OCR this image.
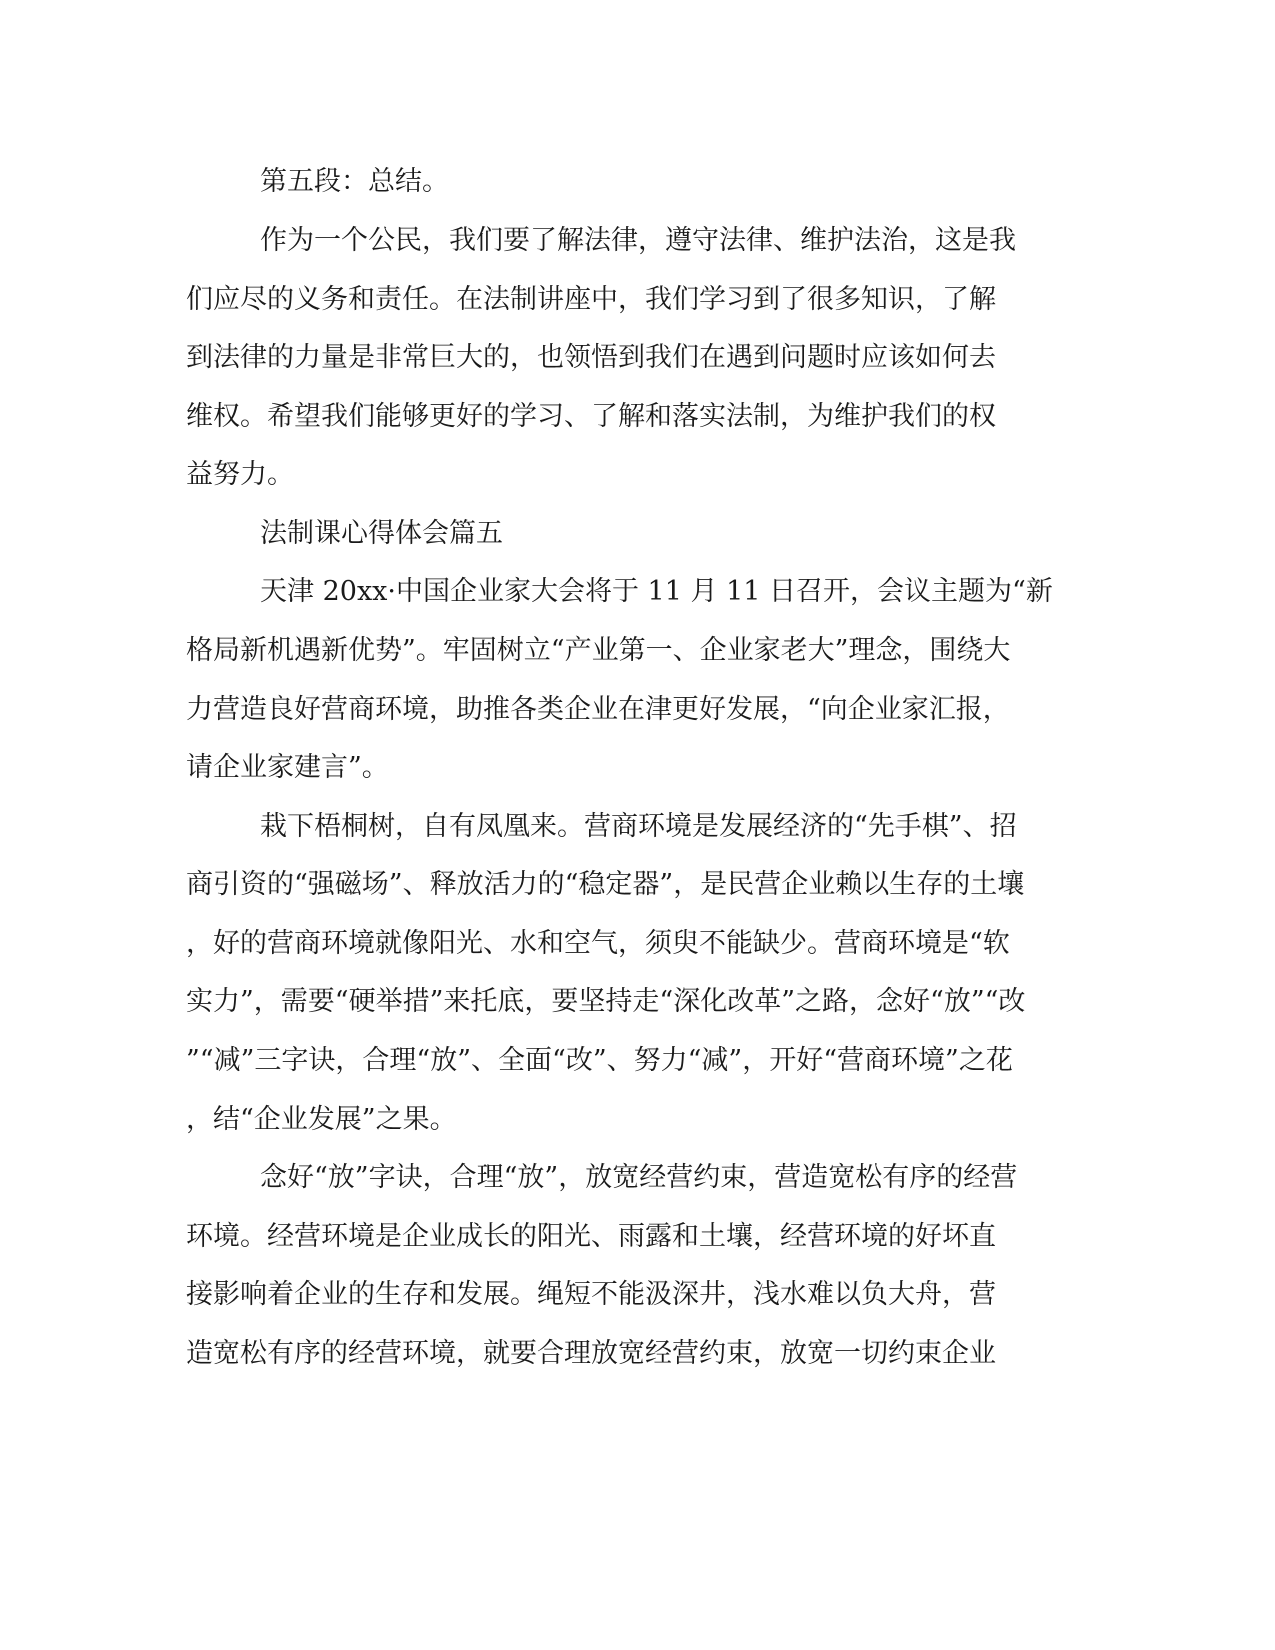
第五段：总结。

作为一个公民，我们要了解法律，遵守法律、维护法治，这是我

们应尽的义务和责任。在法制讲座中，我们学习到了很多知识，了解

到法律的力量是非常巨大的，也领悟到我们在遇到问题时应该如何去

维权。希望我们能够更好的学习、了解和落实法制，为维护我们的权

益努力。

法制课心得体会篇五

天津 20xx·中国企业家大会将于 11 月 11 日召开，会议主题为“新

格局新机遇新优势”。牢固树立“产业第一、企业家老大”理念，围绕大

力营造良好营商环境，助推各类企业在津更好发展，“向企业家汇报，

请企业家建言”。

栽下梧桐树，自有凤凰来。营商环境是发展经济的“先手棋”、招

商引资的“强磁场”、释放活力的“稳定器”，是民营企业赖以生存的土壤

，好的营商环境就像阳光、水和空气，须臾不能缺少。营商环境是“软

实力”，需要“硬举措”来托底，要坚持走“深化改革”之路，念好“放”“改

”“减”三字诀，合理“放”、全面“改”、努力“减”，开好“营商环境”之花

，结“企业发展”之果。

念好“放”字诀，合理“放”，放宽经营约束，营造宽松有序的经营

环境。经营环境是企业成长的阳光、雨露和土壤，经营环境的好坏直

接影响着企业的生存和发展。绳短不能汲深井，浅水难以负大舟，营

造宽松有序的经营环境，就要合理放宽经营约束，放宽一切约束企业
